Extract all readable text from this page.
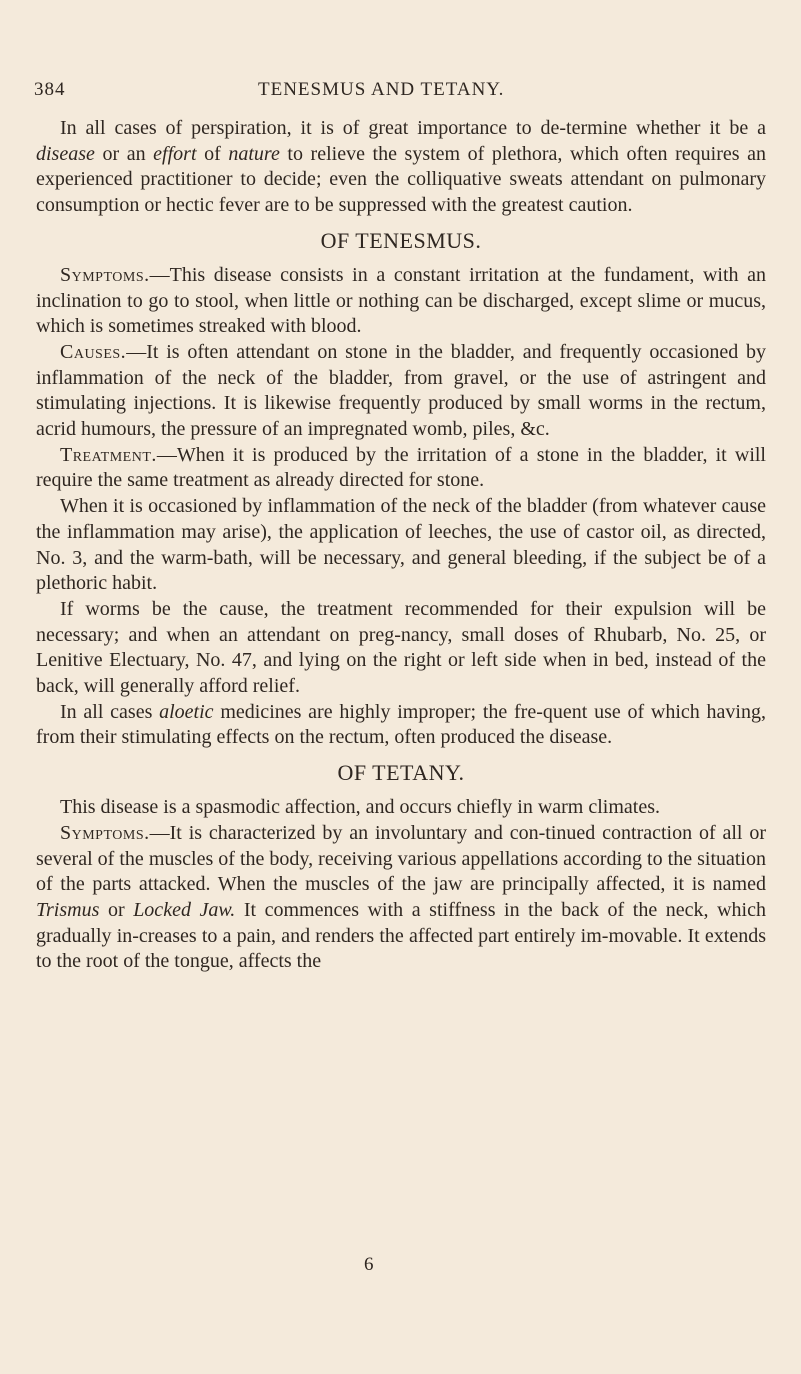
384	TENESMUS AND TETANY.

In all cases of perspiration, it is of great importance to de-termine whether it be a disease or an effort of nature to relieve the system of plethora, which often requires an experienced practitioner to decide; even the colliquative sweats attendant on pulmonary consumption or hectic fever are to be suppressed with the greatest caution.

OF TENESMUS.

Symptoms.—This disease consists in a constant irritation at the fundament, with an inclination to go to stool, when little or nothing can be discharged, except slime or mucus, which is sometimes streaked with blood.

Causes.—It is often attendant on stone in the bladder, and frequently occasioned by inflammation of the neck of the bladder, from gravel, or the use of astringent and stimulating injections. It is likewise frequently produced by small worms in the rectum, acrid humours, the pressure of an impregnated womb, piles, &c.

Treatment.—When it is produced by the irritation of a stone in the bladder, it will require the same treatment as already directed for stone.

When it is occasioned by inflammation of the neck of the bladder (from whatever cause the inflammation may arise), the application of leeches, the use of castor oil, as directed, No. 3, and the warm-bath, will be necessary, and general bleeding, if the subject be of a plethoric habit.

If worms be the cause, the treatment recommended for their expulsion will be necessary; and when an attendant on preg-nancy, small doses of Rhubarb, No. 25, or Lenitive Electuary, No. 47, and lying on the right or left side when in bed, instead of the back, will generally afford relief.

In all cases aloetic medicines are highly improper; the fre-quent use of which having, from their stimulating effects on the rectum, often produced the disease.

OF TETANY.

This disease is a spasmodic affection, and occurs chiefly in warm climates.

Symptoms.—It is characterized by an involuntary and con-tinued contraction of all or several of the muscles of the body, receiving various appellations according to the situation of the parts attacked. When the muscles of the jaw are principally affected, it is named Trismus or Locked Jaw. It commences with a stiffness in the back of the neck, which gradually in-creases to a pain, and renders the affected part entirely im-movable. It extends to the root of the tongue, affects the

6
